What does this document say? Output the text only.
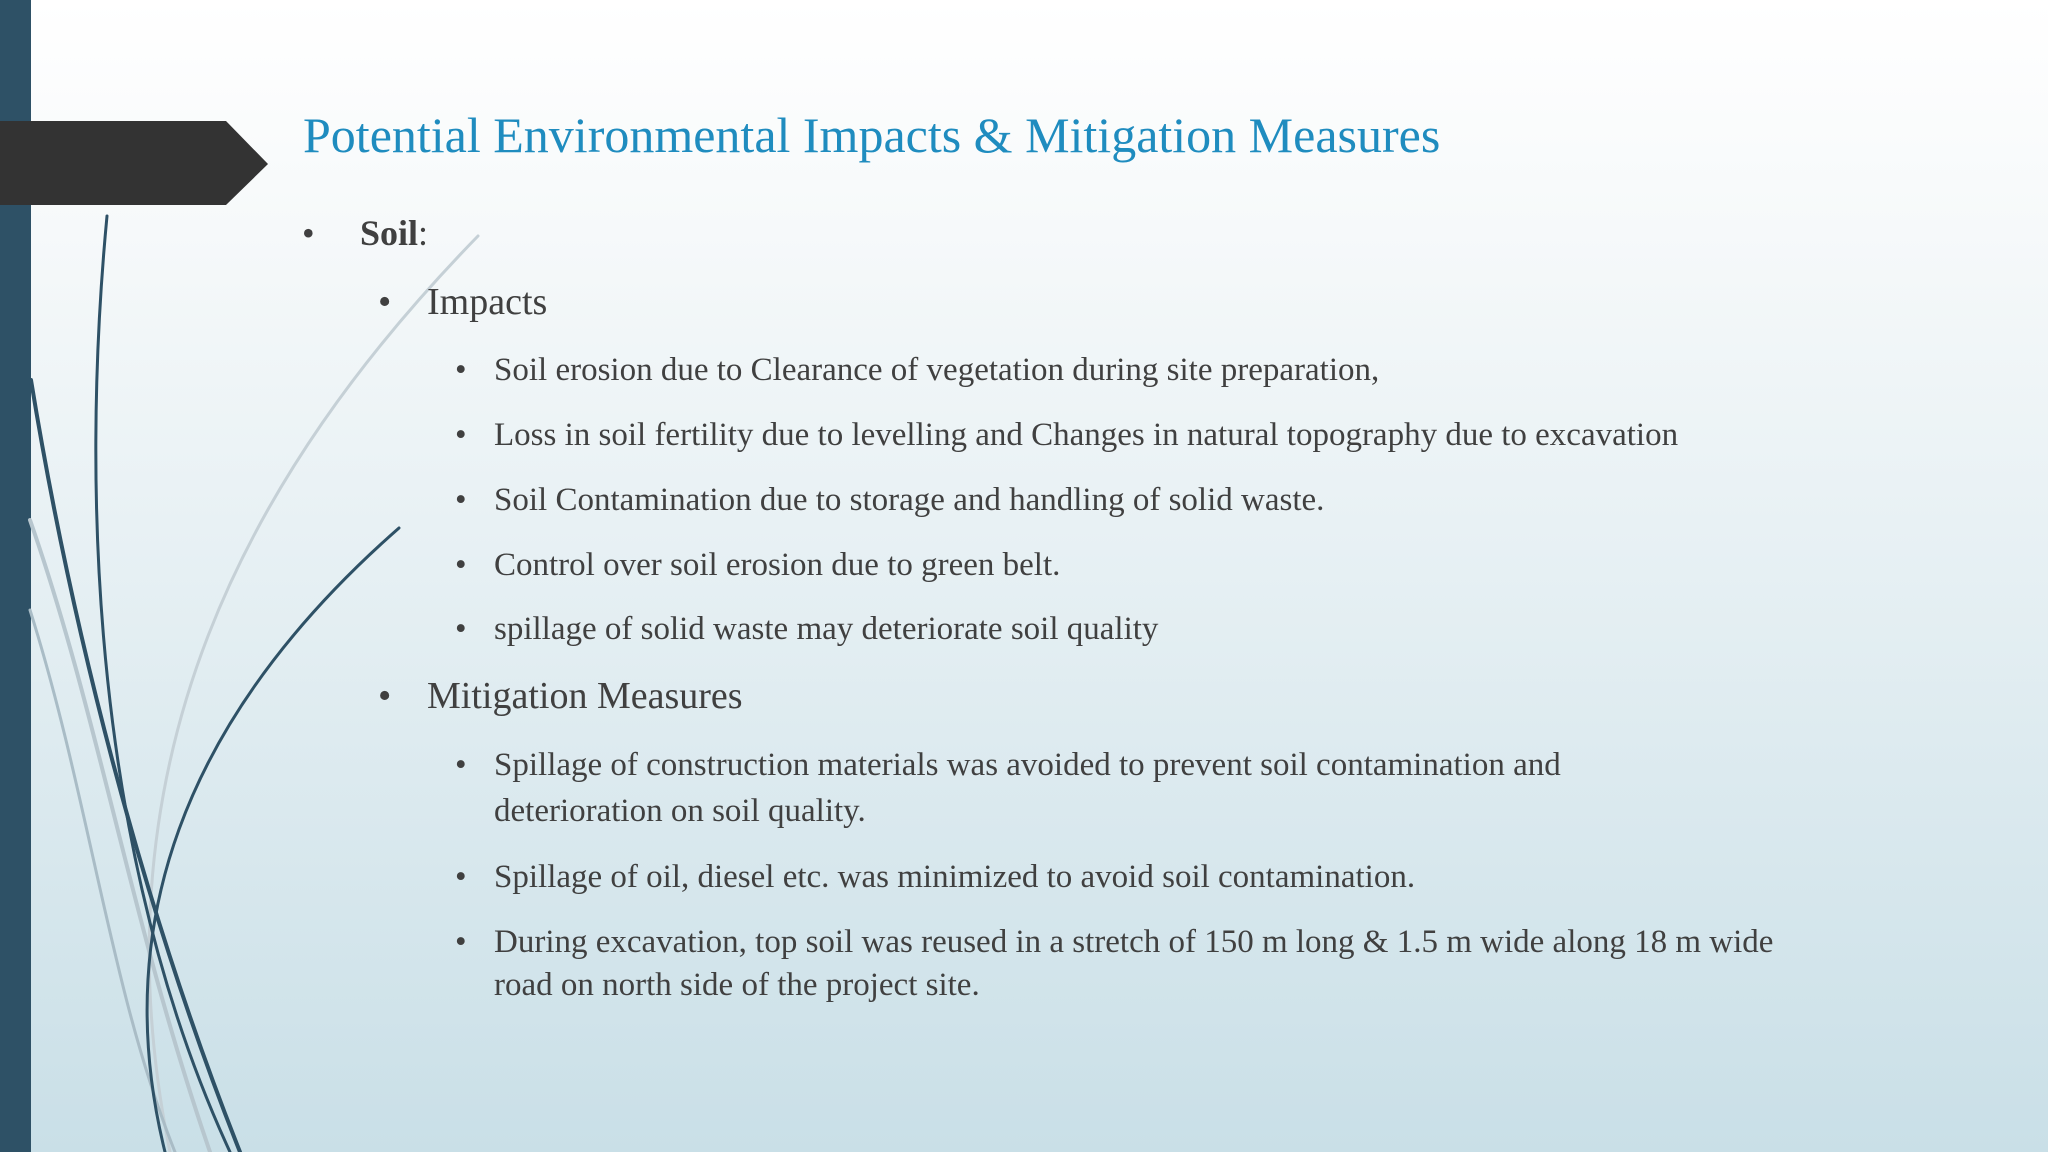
Potential Environmental Impacts & Mitigation Measures
• Soil:
• Impacts
• Soil erosion due to Clearance of vegetation during site preparation,
• Loss in soil fertility due to levelling and Changes in natural topography due to excavation
• Soil Contamination due to storage and handling of solid waste.
• Control over soil erosion due to green belt.
• spillage of solid waste may deteriorate soil quality
• Mitigation Measures
• Spillage of construction materials was avoided to prevent soil contamination and
deterioration on soil quality.
• Spillage of oil, diesel etc. was minimized to avoid soil contamination.
• During excavation, top soil was reused in a stretch of 150 m long & 1.5 m wide along 18 m wide
road on north side of the project site.
